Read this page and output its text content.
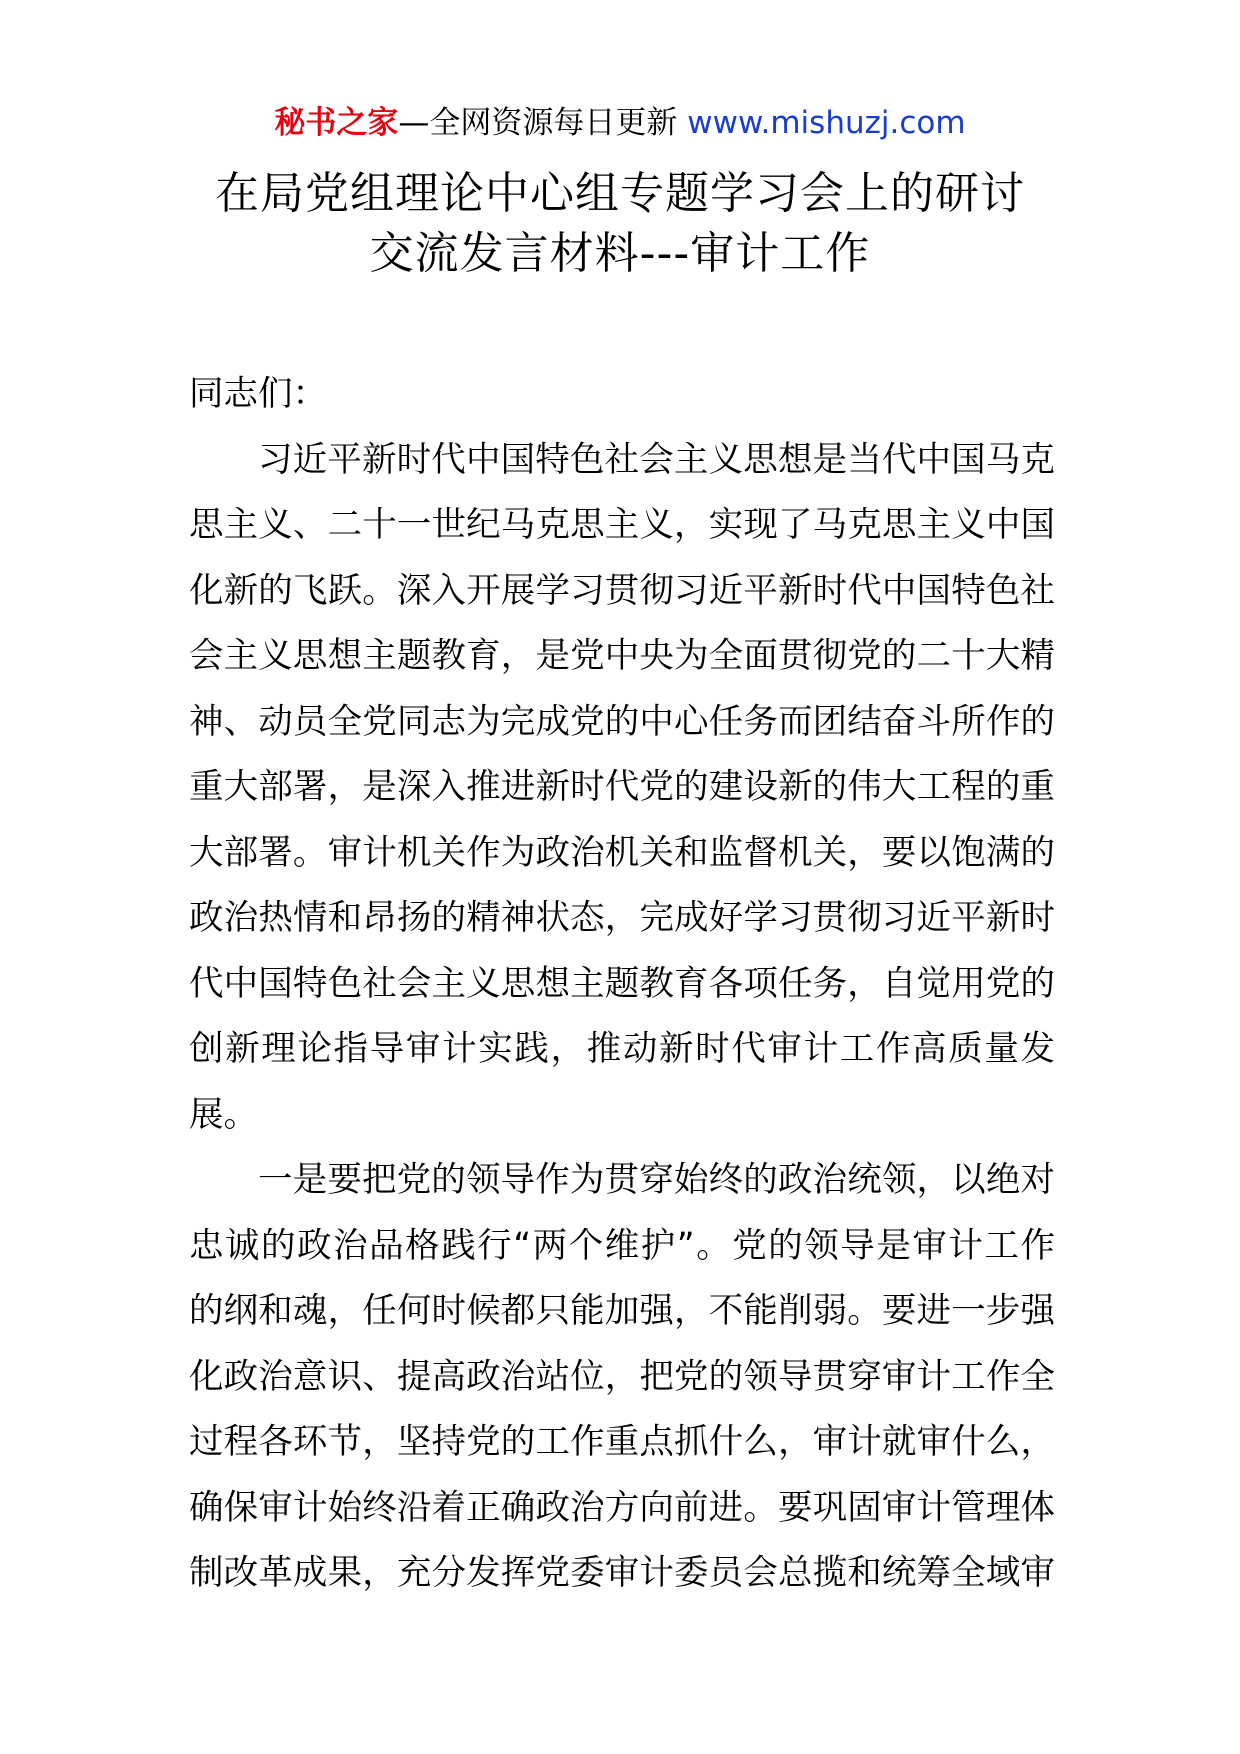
秘书之家—全网资源每日更新 www.mishuzj.com
在局党组理论中心组专题学习会上的研讨
交流发言材料---审计工作

同志们：

习近平新时代中国特色社会主义思想是当代中国马克

思主义、二十一世纪马克思主义，实现了马克思主义中国

化新的飞跃。深入开展学习贯彻习近平新时代中国特色社

会主义思想主题教育，是党中央为全面贯彻党的二十大精

神、动员全党同志为完成党的中心任务而团结奋斗所作的

重大部署，是深入推进新时代党的建设新的伟大工程的重

大部署。审计机关作为政治机关和监督机关，要以饱满的

政治热情和昂扬的精神状态，完成好学习贯彻习近平新时

代中国特色社会主义思想主题教育各项任务，自觉用党的

创新理论指导审计实践，推动新时代审计工作高质量发

展。

一是要把党的领导作为贯穿始终的政治统领，以绝对

忠诚的政治品格践行“两个维护”。党的领导是审计工作

的纲和魂，任何时候都只能加强，不能削弱。要进一步强

化政治意识、提高政治站位，把党的领导贯穿审计工作全

过程各环节，坚持党的工作重点抓什么，审计就审什么，

确保审计始终沿着正确政治方向前进。要巩固审计管理体

制改革成果，充分发挥党委审计委员会总揽和统筹全域审
